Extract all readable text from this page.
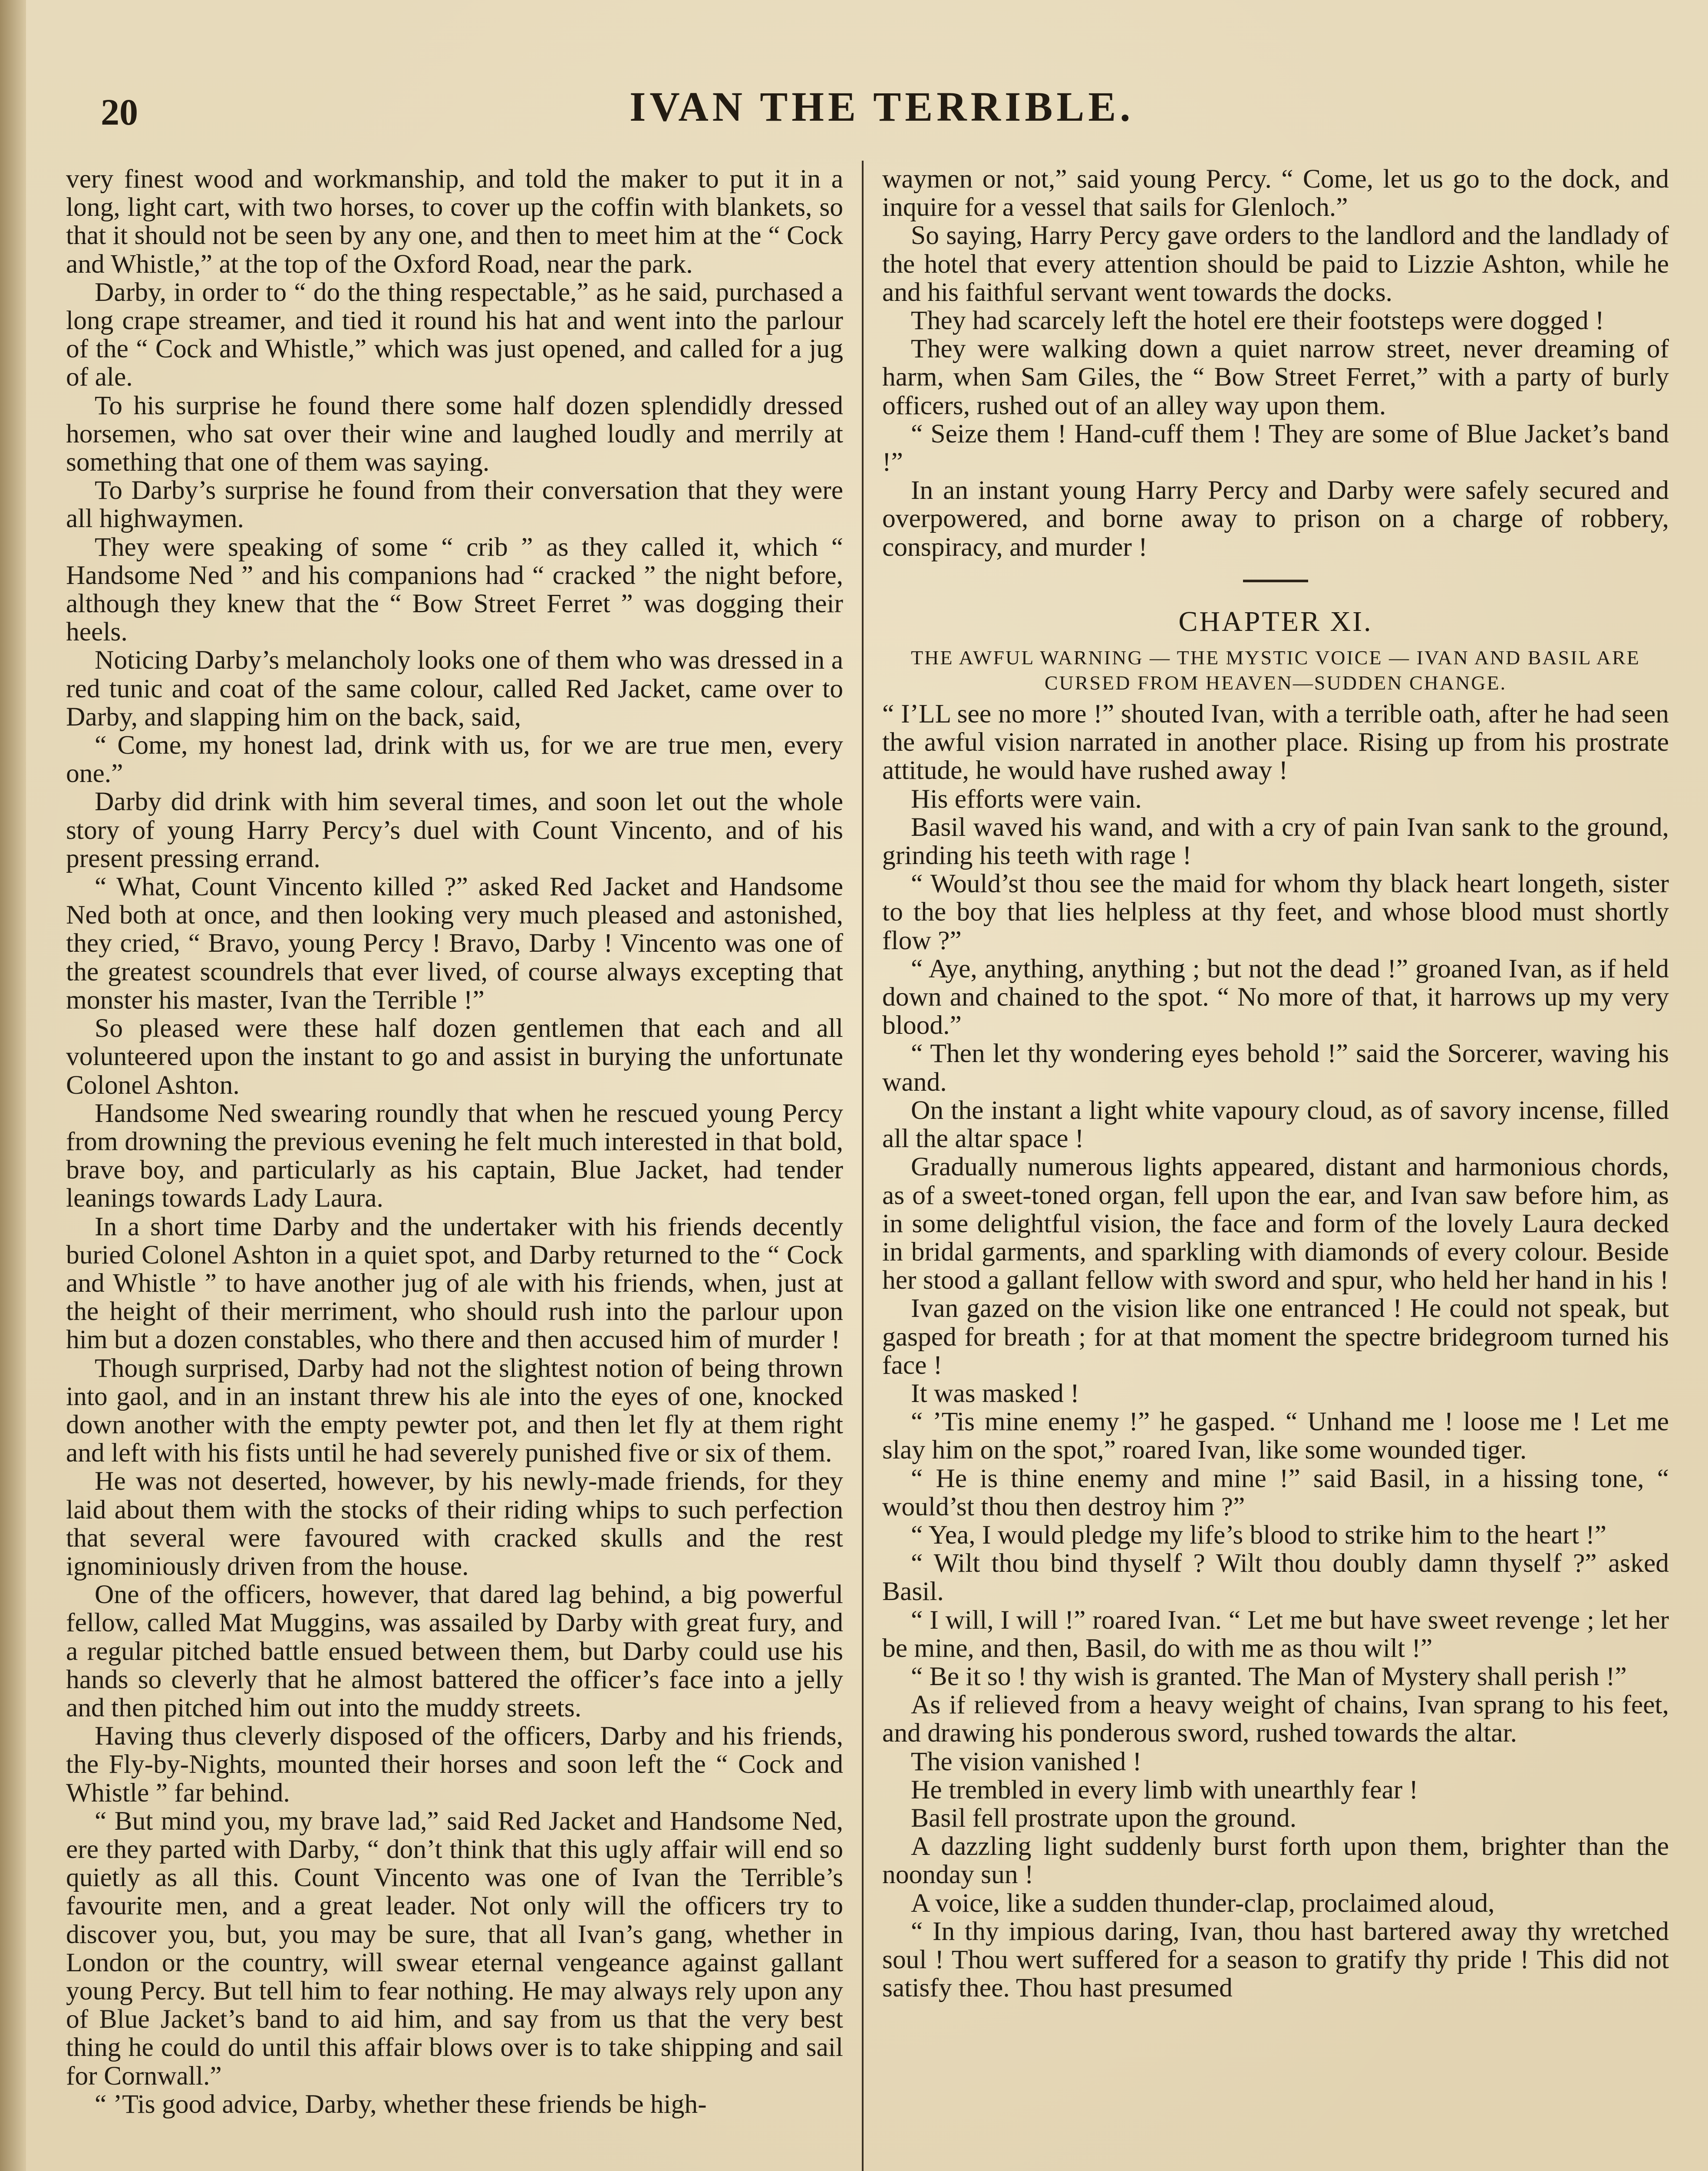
20	IVAN THE TERRIBLE.

very finest wood and workmanship, and told the maker to put it in a long, light cart, with two horses, to cover up the coffin with blankets, so that it should not be seen by any one, and then to meet him at the “ Cock and Whistle,” at the top of the Oxford Road, near the park.

Darby, in order to “ do the thing respectable,” as he said, purchased a long crape streamer, and tied it round his hat and went into the parlour of the “ Cock and Whistle,” which was just opened, and called for a jug of ale.

To his surprise he found there some half dozen splendidly dressed horsemen, who sat over their wine and laughed loudly and merrily at something that one of them was saying.

To Darby’s surprise he found from their conversation that they were all highwaymen.

They were speaking of some “ crib ” as they called it, which “ Handsome Ned ” and his companions had “ cracked ” the night before, although they knew that the “ Bow Street Ferret ” was dogging their heels.

Noticing Darby’s melancholy looks one of them who was dressed in a red tunic and coat of the same colour, called Red Jacket, came over to Darby, and slapping him on the back, said,

“ Come, my honest lad, drink with us, for we are true men, every one.”

Darby did drink with him several times, and soon let out the whole story of young Harry Percy’s duel with Count Vincento, and of his present pressing errand.

“ What, Count Vincento killed ?” asked Red Jacket and Handsome Ned both at once, and then looking very much pleased and astonished, they cried, “ Bravo, young Percy ! Bravo, Darby ! Vincento was one of the greatest scoundrels that ever lived, of course always excepting that monster his master, Ivan the Terrible !”

So pleased were these half dozen gentlemen that each and all volunteered upon the instant to go and assist in burying the unfortunate Colonel Ashton.

Handsome Ned swearing roundly that when he rescued young Percy from drowning the previous evening he felt much interested in that bold, brave boy, and particularly as his captain, Blue Jacket, had tender leanings towards Lady Laura.

In a short time Darby and the undertaker with his friends decently buried Colonel Ashton in a quiet spot, and Darby returned to the “ Cock and Whistle ” to have another jug of ale with his friends, when, just at the height of their merriment, who should rush into the parlour upon him but a dozen constables, who there and then accused him of murder !

Though surprised, Darby had not the slightest notion of being thrown into gaol, and in an instant threw his ale into the eyes of one, knocked down another with the empty pewter pot, and then let fly at them right and left with his fists until he had severely punished five or six of them.

He was not deserted, however, by his newly-made friends, for they laid about them with the stocks of their riding whips to such perfection that several were favoured with cracked skulls and the rest ignominiously driven from the house.

One of the officers, however, that dared lag behind, a big powerful fellow, called Mat Muggins, was assailed by Darby with great fury, and a regular pitched battle ensued between them, but Darby could use his hands so cleverly that he almost battered the officer’s face into a jelly and then pitched him out into the muddy streets.

Having thus cleverly disposed of the officers, Darby and his friends, the Fly-by-Nights, mounted their horses and soon left the “ Cock and Whistle ” far behind.

“ But mind you, my brave lad,” said Red Jacket and Handsome Ned, ere they parted with Darby, “ don’t think that this ugly affair will end so quietly as all this. Count Vincento was one of Ivan the Terrible’s favourite men, and a great leader. Not only will the officers try to discover you, but, you may be sure, that all Ivan’s gang, whether in London or the country, will swear eternal vengeance against gallant young Percy. But tell him to fear nothing. He may always rely upon any of Blue Jacket’s band to aid him, and say from us that the very best thing he could do until this affair blows over is to take shipping and sail for Cornwall.”

“ ’Tis good advice, Darby, whether these friends be high-

waymen or not,” said young Percy. “ Come, let us go to the dock, and inquire for a vessel that sails for Glenloch.”

So saying, Harry Percy gave orders to the landlord and the landlady of the hotel that every attention should be paid to Lizzie Ashton, while he and his faithful servant went towards the docks.

They had scarcely left the hotel ere their footsteps were dogged !

They were walking down a quiet narrow street, never dreaming of harm, when Sam Giles, the “ Bow Street Ferret,” with a party of burly officers, rushed out of an alley way upon them.

“ Seize them ! Hand-cuff them ! They are some of Blue Jacket’s band !”

In an instant young Harry Percy and Darby were safely secured and overpowered, and borne away to prison on a charge of robbery, conspiracy, and murder !

CHAPTER XI.
THE AWFUL WARNING — THE MYSTIC VOICE — IVAN AND BASIL ARE CURSED FROM HEAVEN—SUDDEN CHANGE.

“ I’LL see no more !” shouted Ivan, with a terrible oath, after he had seen the awful vision narrated in another place. Rising up from his prostrate attitude, he would have rushed away !

His efforts were vain.

Basil waved his wand, and with a cry of pain Ivan sank to the ground, grinding his teeth with rage !

“ Would’st thou see the maid for whom thy black heart longeth, sister to the boy that lies helpless at thy feet, and whose blood must shortly flow ?”

“ Aye, anything, anything ; but not the dead !” groaned Ivan, as if held down and chained to the spot. “ No more of that, it harrows up my very blood.”

“ Then let thy wondering eyes behold !” said the Sorcerer, waving his wand.

On the instant a light white vapoury cloud, as of savory incense, filled all the altar space !

Gradually numerous lights appeared, distant and harmonious chords, as of a sweet-toned organ, fell upon the ear, and Ivan saw before him, as in some delightful vision, the face and form of the lovely Laura decked in bridal garments, and sparkling with diamonds of every colour. Beside her stood a gallant fellow with sword and spur, who held her hand in his !

Ivan gazed on the vision like one entranced ! He could not speak, but gasped for breath ; for at that moment the spectre bridegroom turned his face !

It was masked !

“ ’Tis mine enemy !” he gasped. “ Unhand me ! loose me ! Let me slay him on the spot,” roared Ivan, like some wounded tiger.

“ He is thine enemy and mine !” said Basil, in a hissing tone, “ would’st thou then destroy him ?”

“ Yea, I would pledge my life’s blood to strike him to the heart !”

“ Wilt thou bind thyself ? Wilt thou doubly damn thyself ?” asked Basil.

“ I will, I will !” roared Ivan. “ Let me but have sweet revenge ; let her be mine, and then, Basil, do with me as thou wilt !”

“ Be it so ! thy wish is granted. The Man of Mystery shall perish !”

As if relieved from a heavy weight of chains, Ivan sprang to his feet, and drawing his ponderous sword, rushed towards the altar.

The vision vanished !

He trembled in every limb with unearthly fear !

Basil fell prostrate upon the ground.

A dazzling light suddenly burst forth upon them, brighter than the noonday sun !

A voice, like a sudden thunder-clap, proclaimed aloud,

“ In thy impious daring, Ivan, thou hast bartered away thy wretched soul ! Thou wert suffered for a season to gratify thy pride ! This did not satisfy thee. Thou hast presumed
